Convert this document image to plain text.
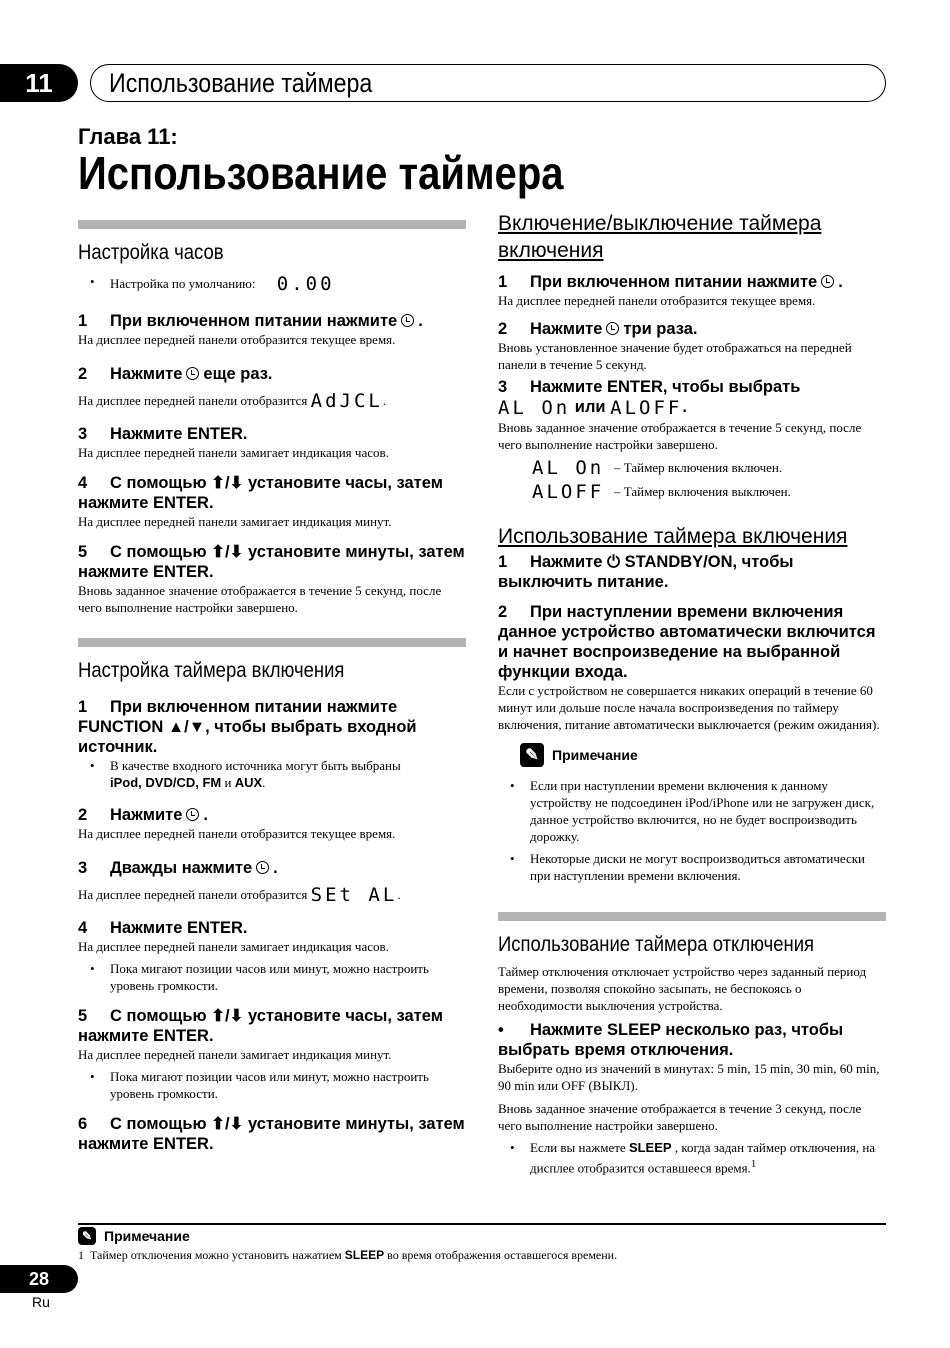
11 Использование таймера
Глава 11:
Использование таймера
Настройка часов
• Настройка по умолчанию: 0.00
1 При включенном питании нажмите .
На дисплее передней панели отобразится текущее время.
2 Нажмите еще раз.
На дисплее передней панели отобразится AdJCL.
3 Нажмите ENTER.
На дисплее передней панели замигает индикация часов.
4 С помощью ⬆/⬇ установите часы, затем нажмите ENTER.
На дисплее передней панели замигает индикация минут.
5 С помощью ⬆/⬇ установите минуты, затем нажмите ENTER.
Вновь заданное значение отображается в течение 5 секунд, после чего выполнение настройки завершено.
Настройка таймера включения
1 При включенном питании нажмите FUNCTION ▲/▼, чтобы выбрать входной источник.
• В качестве входного источника могут быть выбраны
iPod, DVD/CD, FM и AUX.
2 Нажмите .
На дисплее передней панели отобразится текущее время.
3 Дважды нажмите .
На дисплее передней панели отобразится SEt AL.
4 Нажмите ENTER.
На дисплее передней панели замигает индикация часов.
• Пока мигают позиции часов или минут, можно настроить уровень громкости.
5 С помощью ⬆/⬇ установите часы, затем нажмите ENTER.
На дисплее передней панели замигает индикация минут.
• Пока мигают позиции часов или минут, можно настроить уровень громкости.
6 С помощью ⬆/⬇ установите минуты, затем нажмите ENTER.
Включение/выключение таймера включения
1 При включенном питании нажмите .
На дисплее передней панели отобразится текущее время.
2 Нажмите три раза.
Вновь установленное значение будет отображаться на передней панели в течение 5 секунд.
3 Нажмите ENTER, чтобы выбрать
AL On или ALOFF.
Вновь заданное значение отображается в течение 5 секунд, после чего выполнение настройки завершено.
AL On – Таймер включения включен.
ALOFF – Таймер включения выключен.
Использование таймера включения
1 Нажмите ⏻ STANDBY/ON, чтобы выключить питание.
2 При наступлении времени включения данное устройство автоматически включится и начнет воспроизведение на выбранной функции входа.
Если с устройством не совершается никаких операций в течение 60 минут или дольше после начала воспроизведения по таймеру включения, питание автоматически выключается (режим ожидания).
✎ Примечание
• Если при наступлении времени включения к данному устройству не подсоединен iPod/iPhone или не загружен диск, данное устройство включится, но не будет воспроизводить дорожку.
• Некоторые диски не могут воспроизводиться автоматически при наступлении времени включения.
Использование таймера отключения
Таймер отключения отключает устройство через заданный период времени, позволяя спокойно засыпать, не беспокоясь о необходимости выключения устройства.
• Нажмите SLEEP несколько раз, чтобы выбрать время отключения.
Выберите одно из значений в минутах: 5 min, 15 min, 30 min, 60 min, 90 min или OFF (ВЫКЛ).
Вновь заданное значение отображается в течение 3 секунд, после чего выполнение настройки завершено.
• Если вы нажмете SLEEP , когда задан таймер отключения, на дисплее отобразится оставшееся время.$^1$
✎ Примечание
1 Таймер отключения можно установить нажатием SLEEP во время отображения оставшегося времени.
28
Ru
